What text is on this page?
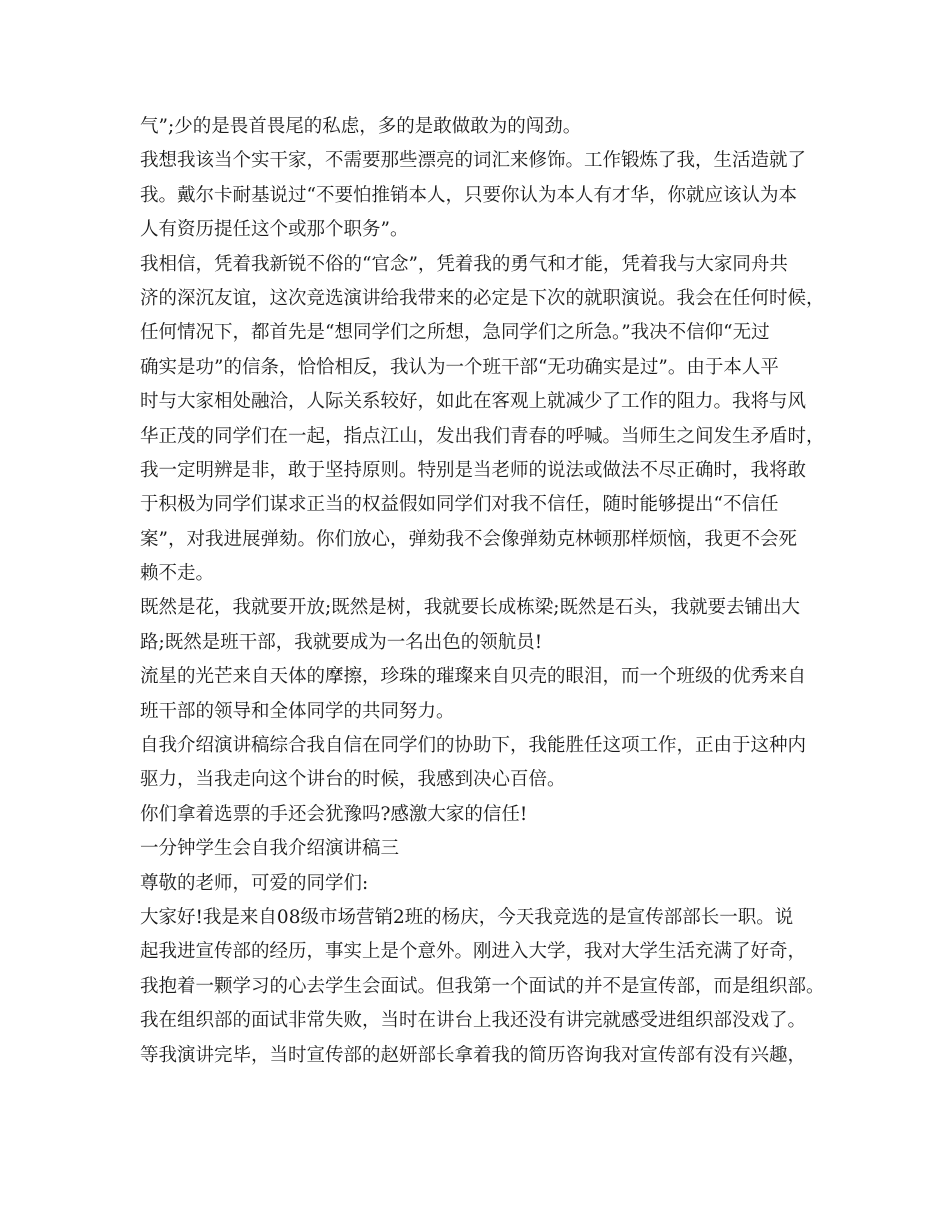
气”;少的是畏首畏尾的私虑，多的是敢做敢为的闯劲。
我想我该当个实干家，不需要那些漂亮的词汇来修饰。工作锻炼了我，生活造就了
我。戴尔卡耐基说过“不要怕推销本人，只要你认为本人有才华，你就应该认为本
人有资历提任这个或那个职务”。
我相信，凭着我新锐不俗的“官念”，凭着我的勇气和才能，凭着我与大家同舟共
济的深沉友谊，这次竞选演讲给我带来的必定是下次的就职演说。我会在任何时候，
任何情况下，都首先是“想同学们之所想，急同学们之所急。”我决不信仰“无过
确实是功”的信条，恰恰相反，我认为一个班干部“无功确实是过”。由于本人平
时与大家相处融洽，人际关系较好，如此在客观上就减少了工作的阻力。我将与风
华正茂的同学们在一起，指点江山，发出我们青春的呼喊。当师生之间发生矛盾时，
我一定明辨是非，敢于坚持原则。特别是当老师的说法或做法不尽正确时，我将敢
于积极为同学们谋求正当的权益假如同学们对我不信任，随时能够提出“不信任
案”，对我进展弹劾。你们放心，弹劾我不会像弹劾克林顿那样烦恼，我更不会死
赖不走。
既然是花，我就要开放;既然是树，我就要长成栋梁;既然是石头，我就要去铺出大
路;既然是班干部，我就要成为一名出色的领航员!
流星的光芒来自天体的摩擦，珍珠的璀璨来自贝壳的眼泪，而一个班级的优秀来自
班干部的领导和全体同学的共同努力。
自我介绍演讲稿综合我自信在同学们的协助下，我能胜任这项工作，正由于这种内
驱力，当我走向这个讲台的时候，我感到决心百倍。
你们拿着选票的手还会犹豫吗?感激大家的信任!
一分钟学生会自我介绍演讲稿三
尊敬的老师，可爱的同学们:
大家好!我是来自08级市场营销2班的杨庆，今天我竞选的是宣传部部长一职。说
起我进宣传部的经历，事实上是个意外。刚进入大学，我对大学生活充满了好奇，
我抱着一颗学习的心去学生会面试。但我第一个面试的并不是宣传部，而是组织部。
我在组织部的面试非常失败，当时在讲台上我还没有讲完就感受进组织部没戏了。
等我演讲完毕，当时宣传部的赵妍部长拿着我的简历咨询我对宣传部有没有兴趣，
